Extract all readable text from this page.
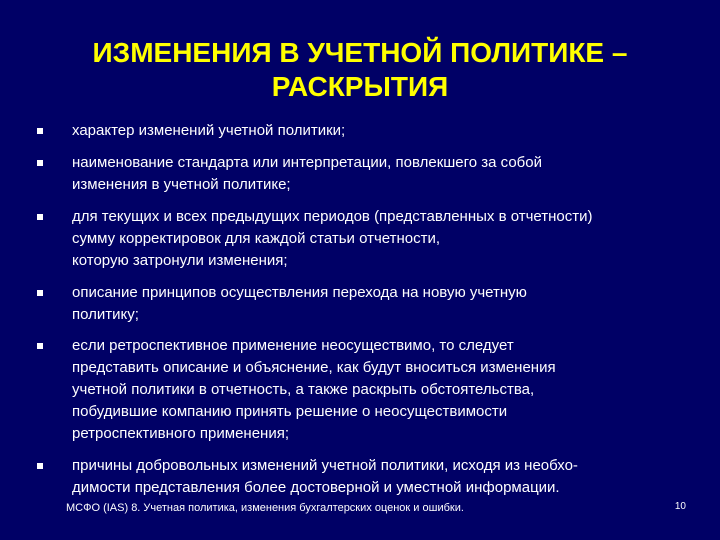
ИЗМЕНЕНИЯ В УЧЕТНОЙ ПОЛИТИКЕ –
РАСКРЫТИЯ
характер изменений учетной политики;
наименование стандарта или интерпретации, повлекшего за собой
изменения в учетной политике;
для текущих и всех предыдущих периодов (представленных в отчетности)
сумму корректировок для каждой статьи отчетности,
которую затронули изменения;
описание принципов осуществления перехода на новую учетную
политику;
если ретроспективное применение неосуществимо, то следует
представить описание и объяснение, как будут вноситься изменения
учетной политики в отчетность, а также раскрыть обстоятельства,
побудившие компанию принять решение о неосуществимости
ретроспективного применения;
причины добровольных изменений учетной политики, исходя из необхо-
димости представления более достоверной и уместной информации.
МСФО (IAS) 8. Учетная политика, изменения бухгалтерских оценок и ошибки.	10
